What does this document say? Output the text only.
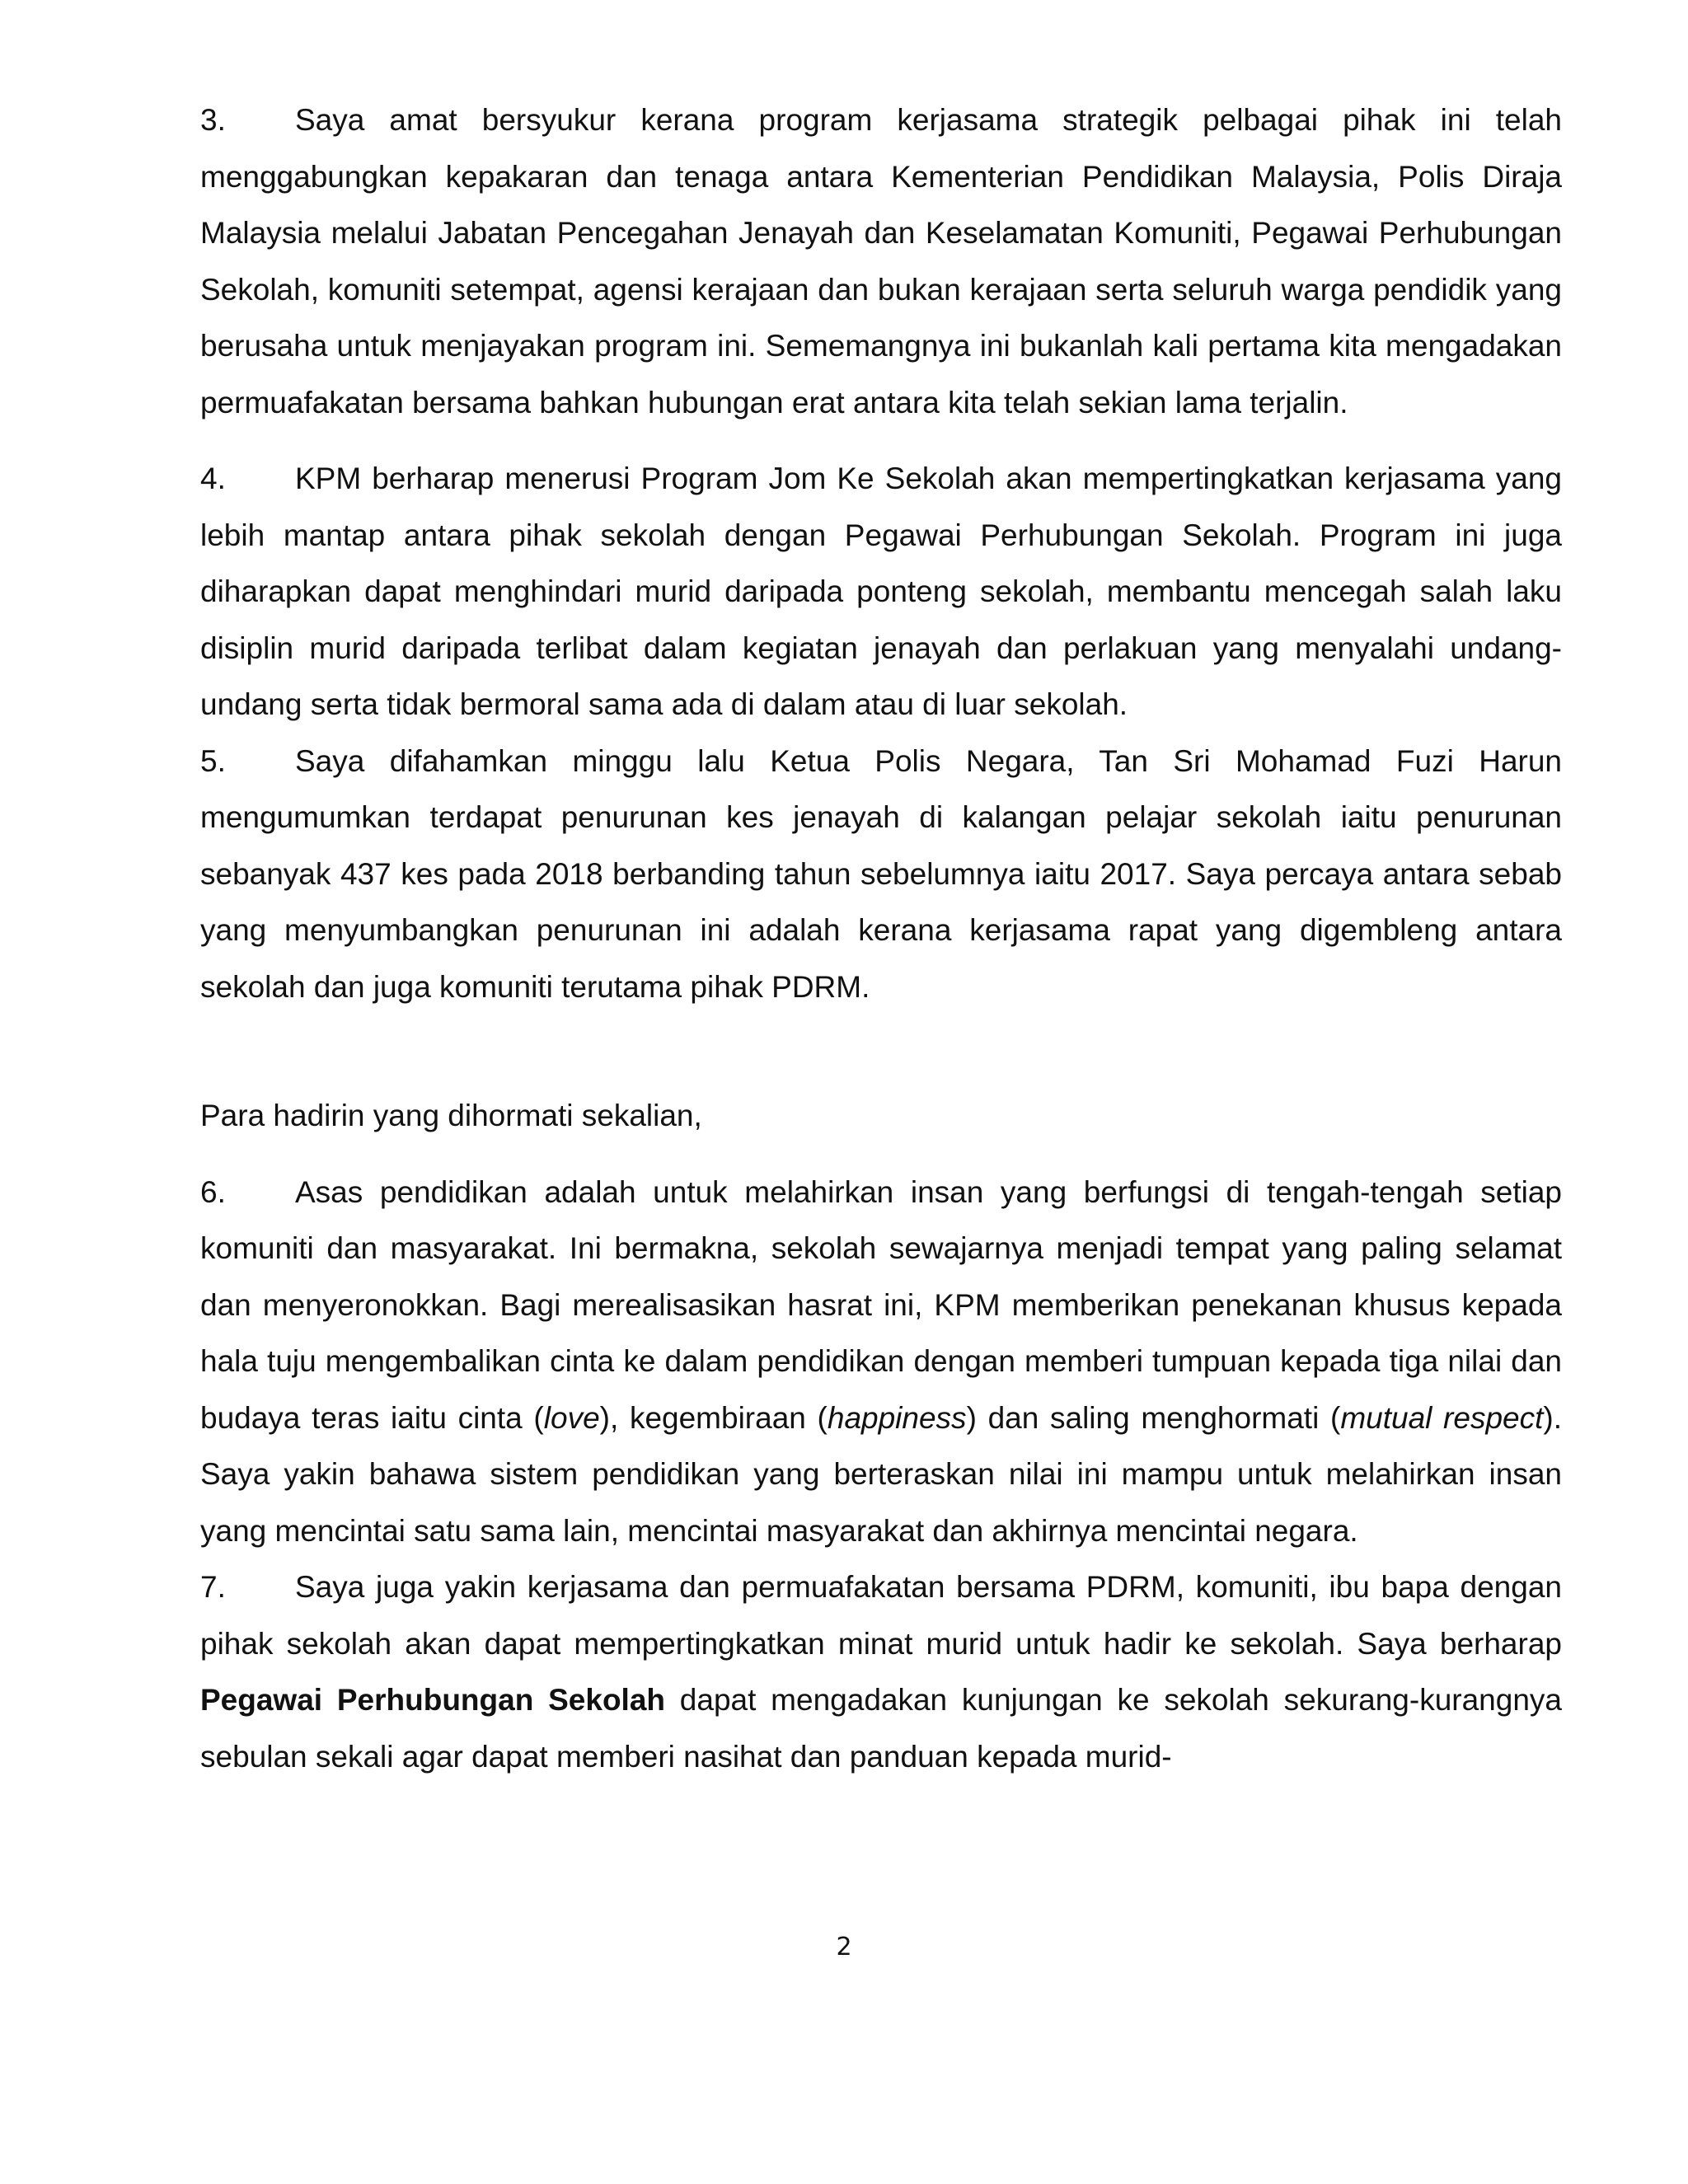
3. Saya amat bersyukur kerana program kerjasama strategik pelbagai pihak ini telah menggabungkan kepakaran dan tenaga antara Kementerian Pendidikan Malaysia, Polis Diraja Malaysia melalui Jabatan Pencegahan Jenayah dan Keselamatan Komuniti, Pegawai Perhubungan Sekolah, komuniti setempat, agensi kerajaan dan bukan kerajaan serta seluruh warga pendidik yang berusaha untuk menjayakan program ini. Sememangnya ini bukanlah kali pertama kita mengadakan permuafakatan bersama bahkan hubungan erat antara kita telah sekian lama terjalin.

4. KPM berharap menerusi Program Jom Ke Sekolah akan mempertingkatkan kerjasama yang lebih mantap antara pihak sekolah dengan Pegawai Perhubungan Sekolah. Program ini juga diharapkan dapat menghindari murid daripada ponteng sekolah, membantu mencegah salah laku disiplin murid daripada terlibat dalam kegiatan jenayah dan perlakuan yang menyalahi undang-undang serta tidak bermoral sama ada di dalam atau di luar sekolah.

5. Saya difahamkan minggu lalu Ketua Polis Negara, Tan Sri Mohamad Fuzi Harun mengumumkan terdapat penurunan kes jenayah di kalangan pelajar sekolah iaitu penurunan sebanyak 437 kes pada 2018 berbanding tahun sebelumnya iaitu 2017. Saya percaya antara sebab yang menyumbangkan penurunan ini adalah kerana kerjasama rapat yang digembleng antara sekolah dan juga komuniti terutama pihak PDRM.

Para hadirin yang dihormati sekalian,

6. Asas pendidikan adalah untuk melahirkan insan yang berfungsi di tengah-tengah setiap komuniti dan masyarakat. Ini bermakna, sekolah sewajarnya menjadi tempat yang paling selamat dan menyeronokkan. Bagi merealisasikan hasrat ini, KPM memberikan penekanan khusus kepada hala tuju mengembalikan cinta ke dalam pendidikan dengan memberi tumpuan kepada tiga nilai dan budaya teras iaitu cinta (love), kegembiraan (happiness) dan saling menghormati (mutual respect). Saya yakin bahawa sistem pendidikan yang berteraskan nilai ini mampu untuk melahirkan insan yang mencintai satu sama lain, mencintai masyarakat dan akhirnya mencintai negara.

7. Saya juga yakin kerjasama dan permuafakatan bersama PDRM, komuniti, ibu bapa dengan pihak sekolah akan dapat mempertingkatkan minat murid untuk hadir ke sekolah. Saya berharap Pegawai Perhubungan Sekolah dapat mengadakan kunjungan ke sekolah sekurang-kurangnya sebulan sekali agar dapat memberi nasihat dan panduan kepada murid-

2
